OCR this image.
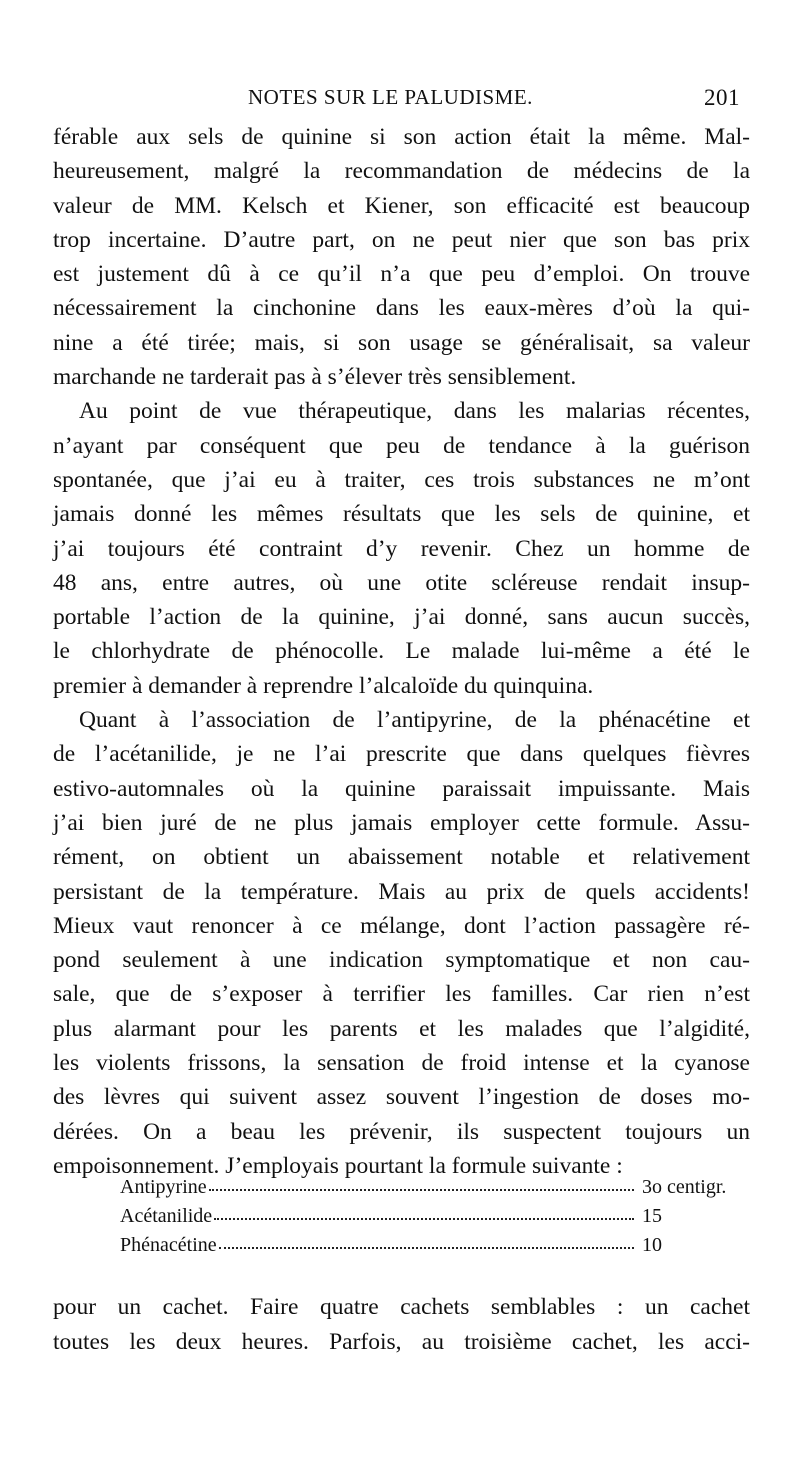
NOTES SUR LE PALUDISME.	201
férable aux sels de quinine si son action était la même. Mal-
heureusement, malgré la recommandation de médecins de la
valeur de MM. Kelsch et Kiener, son efficacité est beaucoup
trop incertaine. D’autre part, on ne peut nier que son bas prix
est justement dû à ce qu’il n’a que peu d’emploi. On trouve
nécessairement la cinchonine dans les eaux-mères d’où la qui-
nine a été tirée; mais, si son usage se généralisait, sa valeur
marchande ne tarderait pas à s’élever très sensiblement.
Au point de vue thérapeutique, dans les malarias récentes,
n’ayant par conséquent que peu de tendance à la guérison
spontanée, que j’ai eu à traiter, ces trois substances ne m’ont
jamais donné les mêmes résultats que les sels de quinine, et
j’ai toujours été contraint d’y revenir. Chez un homme de
48 ans, entre autres, où une otite scléreuse rendait insup-
portable l’action de la quinine, j’ai donné, sans aucun succès,
le chlorhydrate de phénocolle. Le malade lui-même a été le
premier à demander à reprendre l’alcaloïde du quinquina.
Quant à l’association de l’antipyrine, de la phénacétine et
de l’acétanilide, je ne l’ai prescrite que dans quelques fièvres
estivo-automnales où la quinine paraissait impuissante. Mais
j’ai bien juré de ne plus jamais employer cette formule. Assu-
rément, on obtient un abaissement notable et relativement
persistant de la température. Mais au prix de quels accidents!
Mieux vaut renoncer à ce mélange, dont l’action passagère ré-
pond seulement à une indication symptomatique et non cau-
sale, que de s’exposer à terrifier les familles. Car rien n’est
plus alarmant pour les parents et les malades que l’algidité,
les violents frissons, la sensation de froid intense et la cyanose
des lèvres qui suivent assez souvent l’ingestion de doses mo-
dérées. On a beau les prévenir, ils suspectent toujours un
empoisonnement. J’employais pourtant la formule suivante :
Antipyrine	3o centigr.
Acétanilide	15
Phénacétine	10
pour un cachet. Faire quatre cachets semblables : un cachet
toutes les deux heures. Parfois, au troisième cachet, les acci-
